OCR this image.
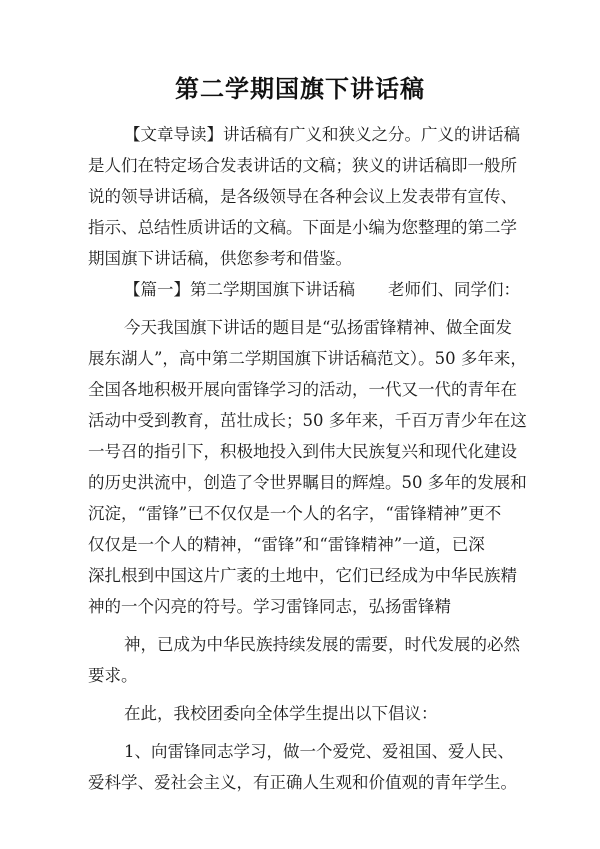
第二学期国旗下讲话稿
【文章导读】讲话稿有广义和狭义之分。广义的讲话稿
是人们在特定场合发表讲话的文稿；狭义的讲话稿即一般所
说的领导讲话稿，是各级领导在各种会议上发表带有宣传、
指示、总结性质讲话的文稿。下面是小编为您整理的第二学
期国旗下讲话稿，供您参考和借鉴。
【篇一】第二学期国旗下讲话稿　　老师们、同学们：
今天我国旗下讲话的题目是“弘扬雷锋精神、做全面发
展东湖人”，高中第二学期国旗下讲话稿范文）。50 多年来，
全国各地积极开展向雷锋学习的活动，一代又一代的青年在
活动中受到教育，茁壮成长；50 多年来，千百万青少年在这
一号召的指引下，积极地投入到伟大民族复兴和现代化建设
的历史洪流中，创造了令世界瞩目的辉煌。50 多年的发展和
沉淀，“雷锋”已不仅仅是一个人的名字，“雷锋精神”更不
仅仅是一个人的精神，“雷锋”和“雷锋精神”一道，已深
深扎根到中国这片广袤的土地中，它们已经成为中华民族精
神的一个闪亮的符号。学习雷锋同志，弘扬雷锋精
神，已成为中华民族持续发展的需要，时代发展的必然
要求。
在此，我校团委向全体学生提出以下倡议：
1、向雷锋同志学习，做一个爱党、爱祖国、爱人民、
爱科学、爱社会主义，有正确人生观和价值观的青年学生。
